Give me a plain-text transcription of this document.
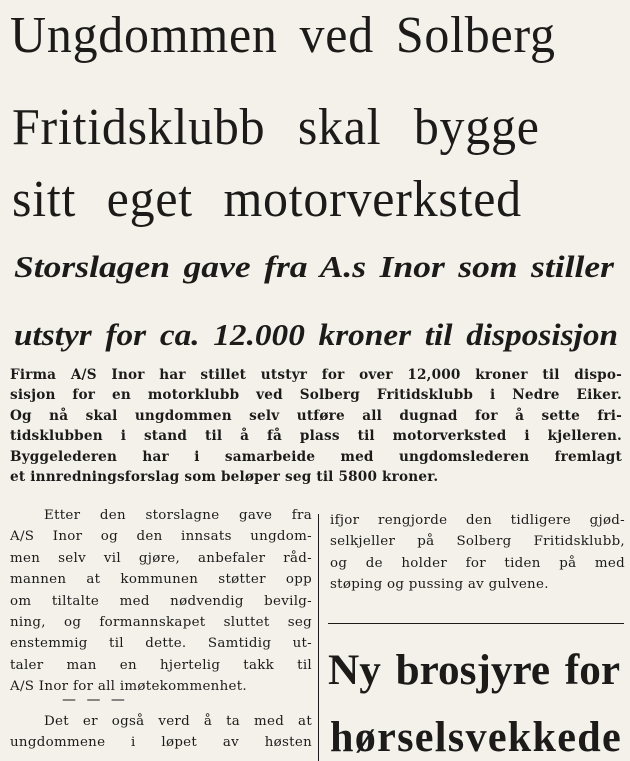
Ungdommen ved Solberg
Fritidsklubb skal bygge
sitt eget motorverksted
Storslagen gave fra A.s Inor som stiller
utstyr for ca. 12.000 kroner til disposisjon
Firma A/S Inor har stillet utstyr for over 12,000 kroner til dispo-
sisjon for en motorklubb ved Solberg Fritidsklubb i Nedre Eiker.
Og nå skal ungdommen selv utføre all dugnad for å sette fri-
tidsklubben i stand til å få plass til motorverksted i kjelleren.
Byggelederen har i samarbeide med ungdomslederen fremlagt
et innredningsforslag som beløper seg til 5800 kroner.
Etter den storslagne gave fra
A/S Inor og den innsats ungdom-
men selv vil gjøre, anbefaler råd-
mannen at kommunen støtter opp
om tiltalte med nødvendig bevilg-
ning, og formannskapet sluttet seg
enstemmig til dette. Samtidig ut-
taler man en hjertelig takk til
A/S Inor for all imøtekommenhet.
— — —
Det er også verd å ta med at
ungdommene i løpet av høsten
ifjor rengjorde den tidligere gjød-
selkjeller på Solberg Fritidsklubb,
og de holder for tiden på med
støping og pussing av gulvene.
Ny brosjyre for
hørselsvekkede
